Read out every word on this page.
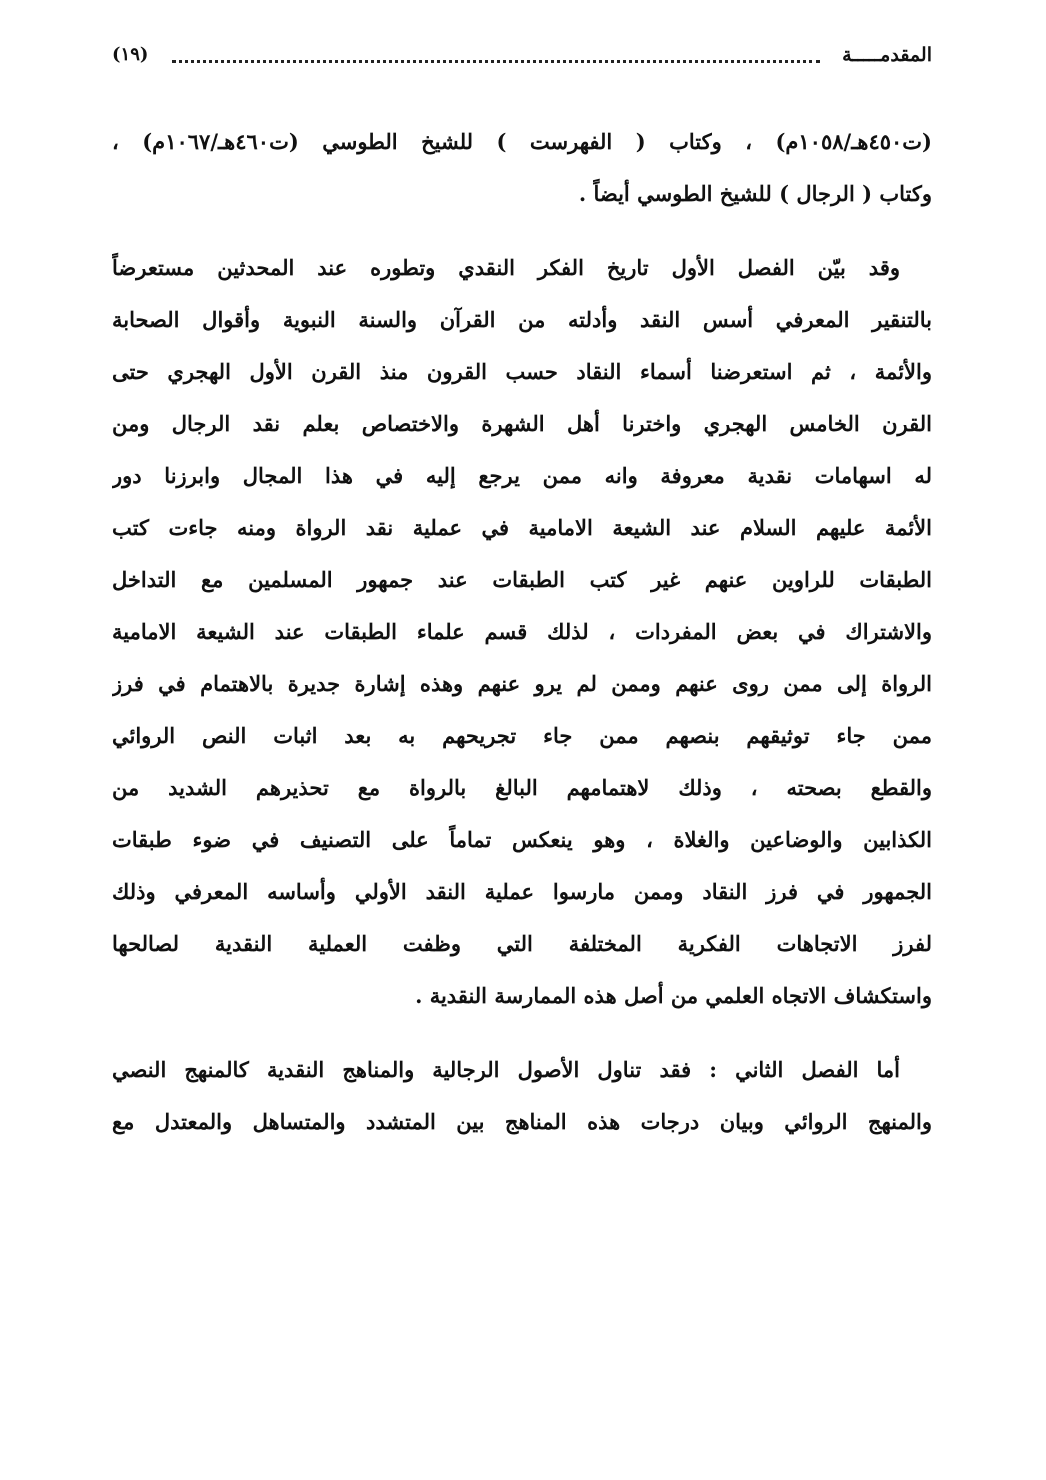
المقدمـــــة
(١٩)
(ت٤٥٠هـ/١٠٥٨م) ، وكتاب ( الفهرست ) للشيخ الطوسي (ت٤٦٠هـ/١٠٦٧م) ،
وكتاب ( الرجال ) للشيخ الطوسي أيضاً .
وقد بيّن الفصل الأول تاريخ الفكر النقدي وتطوره عند المحدثين مستعرضاً
بالتنقير المعرفي أسس النقد وأدلته من القرآن والسنة النبوية وأقوال الصحابة
والأئمة ، ثم استعرضنا أسماء النقاد حسب القرون منذ القرن الأول الهجري حتى
القرن الخامس الهجري واخترنا أهل الشهرة والاختصاص بعلم نقد الرجال ومن
له اسهامات نقدية معروفة وانه ممن يرجع إليه في هذا المجال وابرزنا دور
الأئمة عليهم السلام عند الشيعة الامامية في عملية نقد الرواة ومنه جاءت كتب
الطبقات للراوين عنهم غير كتب الطبقات عند جمهور المسلمين مع التداخل
والاشتراك في بعض المفردات ، لذلك قسم علماء الطبقات عند الشيعة الامامية
الرواة إلى ممن روى عنهم وممن لم يرو عنهم وهذه إشارة جديرة بالاهتمام في فرز
ممن جاء توثيقهم بنصهم ممن جاء تجريحهم به بعد اثبات النص الروائي
والقطع بصحته ، وذلك لاهتمامهم البالغ بالرواة مع تحذيرهم الشديد من
الكذابين والوضاعين والغلاة ، وهو ينعكس تماماً على التصنيف في ضوء طبقات
الجمهور في فرز النقاد وممن مارسوا عملية النقد الأولي وأساسه المعرفي وذلك
لفرز الاتجاهات الفكرية المختلفة التي وظفت العملية النقدية لصالحها
واستكشاف الاتجاه العلمي من أصل هذه الممارسة النقدية .
أما الفصل الثاني : فقد تناول الأصول الرجالية والمناهج النقدية كالمنهج النصي
والمنهج الروائي وبيان درجات هذه المناهج بين المتشدد والمتساهل والمعتدل مع
